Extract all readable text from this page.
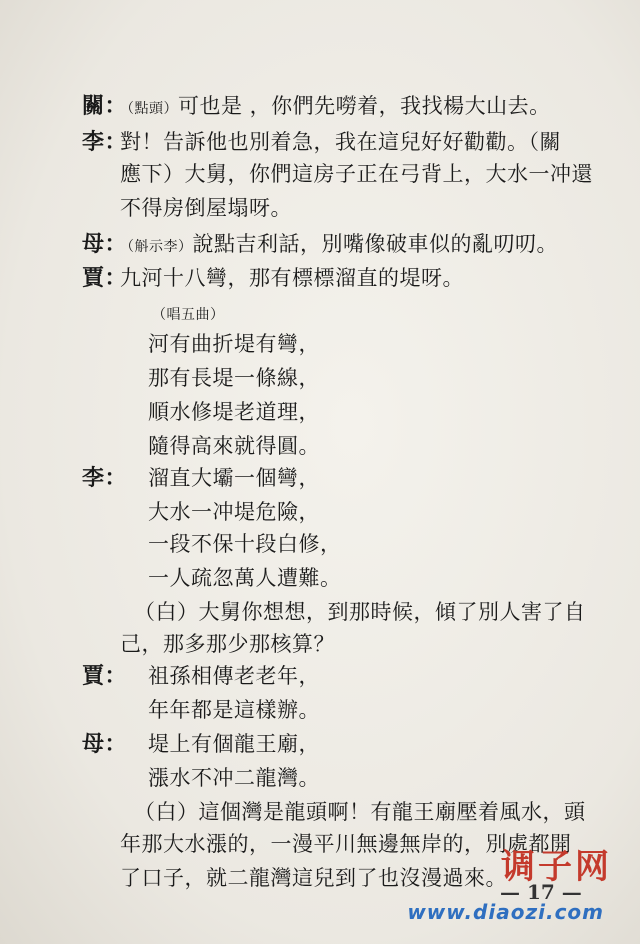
關：
（點頭）可也是 ，你們先嘮着，我找楊大山去。
李：
對！告訴他也別着急，我在這兒好好勸勸。（關
應下）大舅，你們這房子正在弓背上，大水一冲還
不得房倒屋塌呀。
母：
（斛示李）說點吉利話，別嘴像破車似的亂叨叨。
賈：
九河十八彎，那有標標溜直的堤呀。
（唱五曲）
河有曲折堤有彎，
那有長堤一條線，
順水修堤老道理，
隨得高來就得圓。
李： 溜直大壩一個彎，
大水一冲堤危險，
一段不保十段白修，
一人疏忽萬人遭難。
（白）大舅你想想，到那時候，傾了別人害了自
己，那多那少那核算？
賈： 祖孫相傳老老年，
年年都是這樣辦。
母： 堤上有個龍王廟，
漲水不冲二龍灣。
（白）這個灣是龍頭啊！有龍王廟壓着風水，頭
年那大水漲的，一漫平川無邊無岸的，別處都開
了口子，就二龍灣這兒到了也沒漫過來。
— 17 —
调子网
www.diaozi.com
